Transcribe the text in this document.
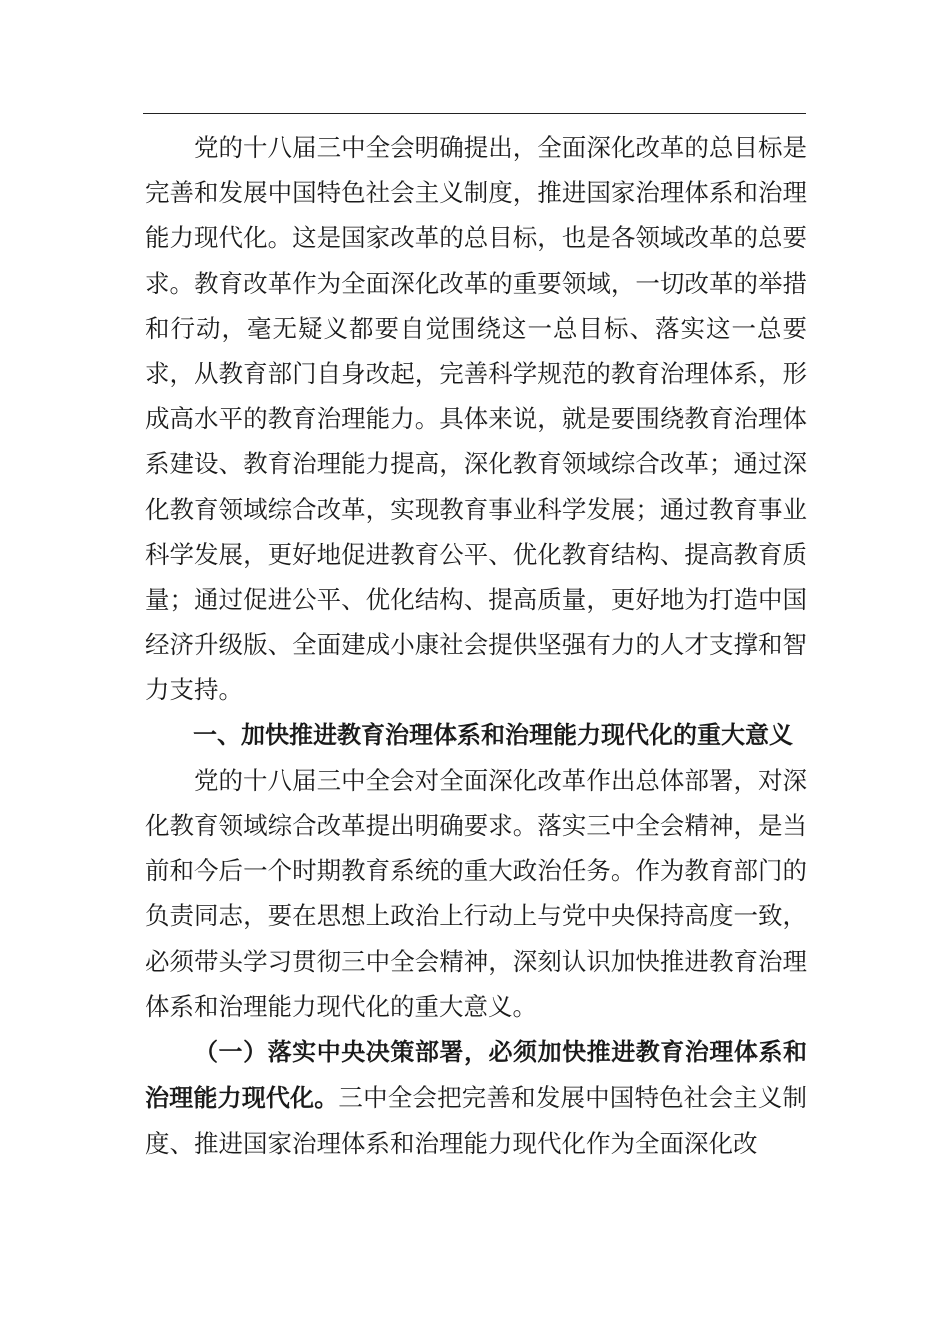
党的十八届三中全会明确提出，全面深化改革的总目标是完善和发展中国特色社会主义制度，推进国家治理体系和治理能力现代化。这是国家改革的总目标，也是各领域改革的总要求。教育改革作为全面深化改革的重要领域，一切改革的举措和行动，毫无疑义都要自觉围绕这一总目标、落实这一总要求，从教育部门自身改起，完善科学规范的教育治理体系，形成高水平的教育治理能力。具体来说，就是要围绕教育治理体系建设、教育治理能力提高，深化教育领域综合改革；通过深化教育领域综合改革，实现教育事业科学发展；通过教育事业科学发展，更好地促进教育公平、优化教育结构、提高教育质量；通过促进公平、优化结构、提高质量，更好地为打造中国经济升级版、全面建成小康社会提供坚强有力的人才支撑和智力支持。

一、加快推进教育治理体系和治理能力现代化的重大意义

党的十八届三中全会对全面深化改革作出总体部署，对深化教育领域综合改革提出明确要求。落实三中全会精神，是当前和今后一个时期教育系统的重大政治任务。作为教育部门的负责同志，要在思想上政治上行动上与党中央保持高度一致，必须带头学习贯彻三中全会精神，深刻认识加快推进教育治理体系和治理能力现代化的重大意义。

（一）落实中央决策部署，必须加快推进教育治理体系和治理能力现代化。三中全会把完善和发展中国特色社会主义制度、推进国家治理体系和治理能力现代化作为全面深化改
